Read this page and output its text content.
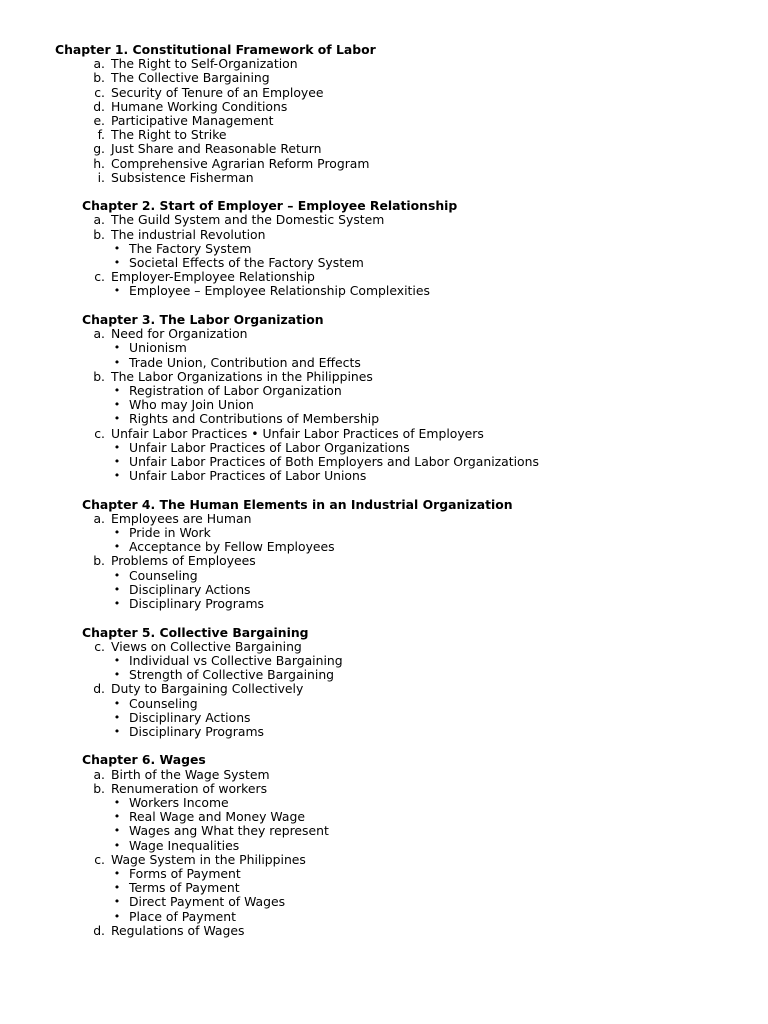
Chapter 1. Constitutional Framework of Labor
a. The Right to Self-Organization
b. The Collective Bargaining
c. Security of Tenure of an Employee
d. Humane Working Conditions
e. Participative Management
f. The Right to Strike
g. Just Share and Reasonable Return
h. Comprehensive Agrarian Reform Program
i. Subsistence Fisherman
Chapter 2. Start of Employer – Employee Relationship
a. The Guild System and the Domestic System
b. The industrial Revolution
• The Factory System
• Societal Effects of the Factory System
c. Employer-Employee Relationship
• Employee – Employee Relationship Complexities
Chapter 3. The Labor Organization
a. Need for Organization
• Unionism
• Trade Union, Contribution and Effects
b. The Labor Organizations in the Philippines
• Registration of Labor Organization
• Who may Join Union
• Rights and Contributions of Membership
c. Unfair Labor Practices • Unfair Labor Practices of Employers
• Unfair Labor Practices of Labor Organizations
• Unfair Labor Practices of Both Employers and Labor Organizations
• Unfair Labor Practices of Labor Unions
Chapter 4. The Human Elements in an Industrial Organization
a. Employees are Human
• Pride in Work
• Acceptance by Fellow Employees
b. Problems of Employees
• Counseling
• Disciplinary Actions
• Disciplinary Programs
Chapter 5. Collective Bargaining
c. Views on Collective Bargaining
• Individual vs Collective Bargaining
• Strength of Collective Bargaining
d. Duty to Bargaining Collectively
• Counseling
• Disciplinary Actions
• Disciplinary Programs
Chapter 6. Wages
a. Birth of the Wage System
b. Renumeration of workers
• Workers Income
• Real Wage and Money Wage
• Wages ang What they represent
• Wage Inequalities
c. Wage System in the Philippines
• Forms of Payment
• Terms of Payment
• Direct Payment of Wages
• Place of Payment
d. Regulations of Wages
